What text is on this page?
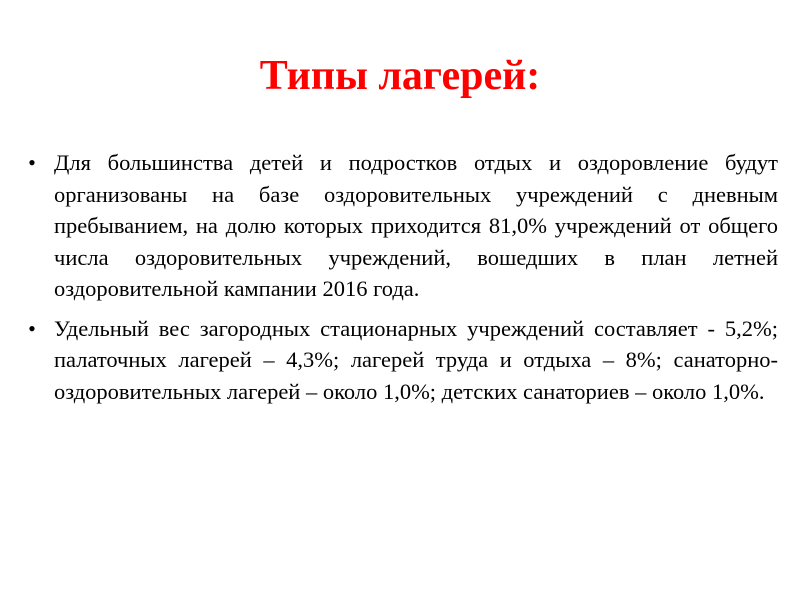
Типы лагерей:
• Для большинства детей и подростков отдых и оздоровление будут организованы на базе оздоровительных учреждений с дневным пребыванием, на долю которых приходится 81,0% учреждений от общего числа оздоровительных учреждений, вошедших в план летней оздоровительной кампании 2016 года.
• Удельный вес загородных стационарных учреждений составляет - 5,2%; палаточных лагерей – 4,3%; лагерей труда и отдыха – 8%; санаторно-оздоровительных лагерей – около 1,0%; детских санаториев – около 1,0%.
